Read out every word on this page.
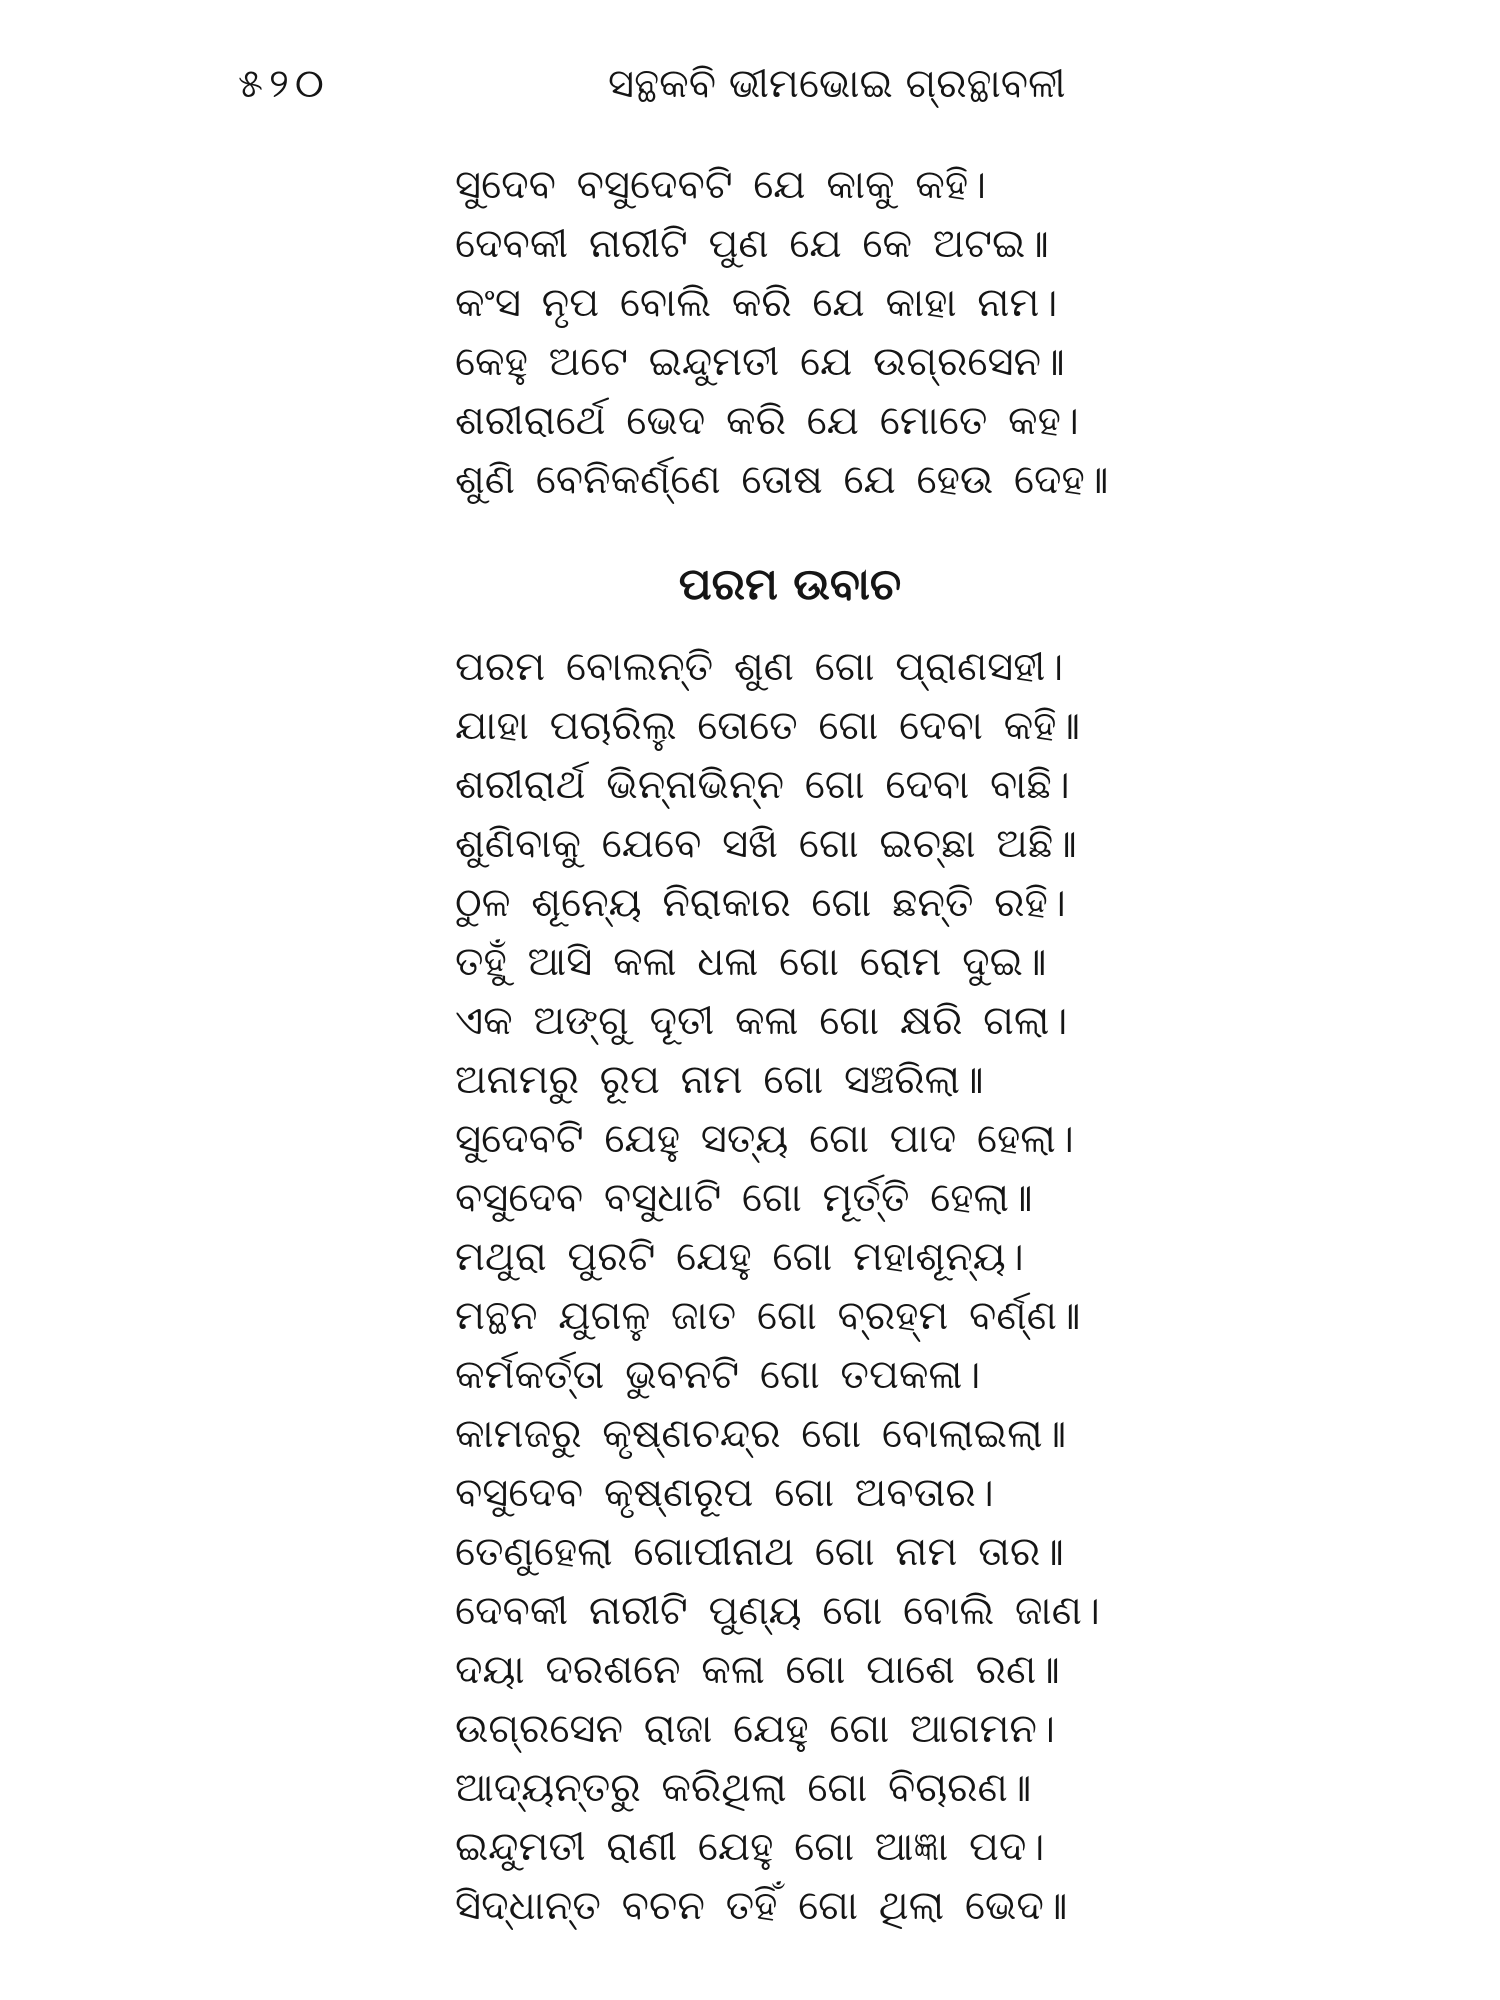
୫୨୦	ସନ୍ଥକବି ଭୀମଭୋଇ ଗ୍ରନ୍ଥାବଳୀ
ସୁଦେବ ବସୁଦେବଟି ଯେ କାକୁ କହି।
ଦେବକୀ ନାରୀଟି ପୁଣ ଯେ କେ ଅଟଇ॥
କଂସ ନୃପ ବୋଲି କରି ଯେ କାହା ନାମ।
କେହୁ ଅଟେ ଇନ୍ଦୁମତୀ ଯେ ଉଗ୍ରସେନ॥
ଶରୀରାର୍ଥେ ଭେଦ କରି ଯେ ମୋତେ କହ।
ଶୁଣି ବେନିକର୍ଣ୍ଣେ ତୋଷ ଯେ ହେଉ ଦେହ॥
ପରମ ଉବାଚ
ପରମ ବୋଲନ୍ତି ଶୁଣ ଗୋ ପ୍ରାଣସହୀ।
ଯାହା ପଚାରିଲୁ ତୋତେ ଗୋ ଦେବା କହି॥
ଶରୀରାର୍ଥ ଭିନ୍ନାଭିନ୍ନ ଗୋ ଦେବା ବାଛି।
ଶୁଣିବାକୁ ଯେବେ ସଖି ଗୋ ଇଚ୍ଛା ଅଛି॥
ଠୁଳ ଶୂନ୍ୟେ ନିରାକାର ଗୋ ଛନ୍ତି ରହି।
ତହୁଁ ଆସି କଳା ଧଳା ଗୋ ରୋମ ଦୁଇ॥
ଏକ ଅଙ୍ଗୁ ଦୂତୀ କଳା ଗୋ କ୍ଷରି ଗଲା।
ଅନାମରୁ ରୂପ ନାମ ଗୋ ସଞ୍ଚରିଲା॥
ସୁଦେବଟି ଯେହୁ ସତ୍ୟ ଗୋ ପାଦ ହେଲା।
ବସୁଦେବ ବସୁଧାଟି ଗୋ ମୂର୍ତ୍ତି ହେଲା॥
ମଥୁରା ପୁରଟି ଯେହୁ ଗୋ ମହାଶୂନ୍ୟ।
ମନ୍ଥନ ଯୁଗଳୁ ଜାତ ଗୋ ବ୍ରହ୍ମ ବର୍ଣ୍ଣ॥
କର୍ମକର୍ତ୍ତା ଭୁବନଟି ଗୋ ତପକଳା।
କାମଜରୁ କୃଷ୍ଣଚନ୍ଦ୍ର ଗୋ ବୋଲାଇଲା॥
ବସୁଦେବ କୃଷ୍ଣରୂପ ଗୋ ଅବତାର।
ତେଣୁହେଲା ଗୋପୀନାଥ ଗୋ ନାମ ତାର॥
ଦେବକୀ ନାରୀଟି ପୁଣ୍ୟ ଗୋ ବୋଲି ଜାଣ।
ଦୟା ଦରଶନେ କଳା ଗୋ ପାଶେ ରଣ॥
ଉଗ୍ରସେନ ରାଜା ଯେହୁ ଗୋ ଆଗମନ।
ଆଦ୍ୟନ୍ତରୁ କରିଥିଲା ଗୋ ବିଚାରଣ॥
ଇନ୍ଦୁମତୀ ରାଣୀ ଯେହୁ ଗୋ ଆଜ୍ଞା ପଦ।
ସିଦ୍ଧାନ୍ତ ବଚନ ତହିଁ ଗୋ ଥିଲା ଭେଦ॥
